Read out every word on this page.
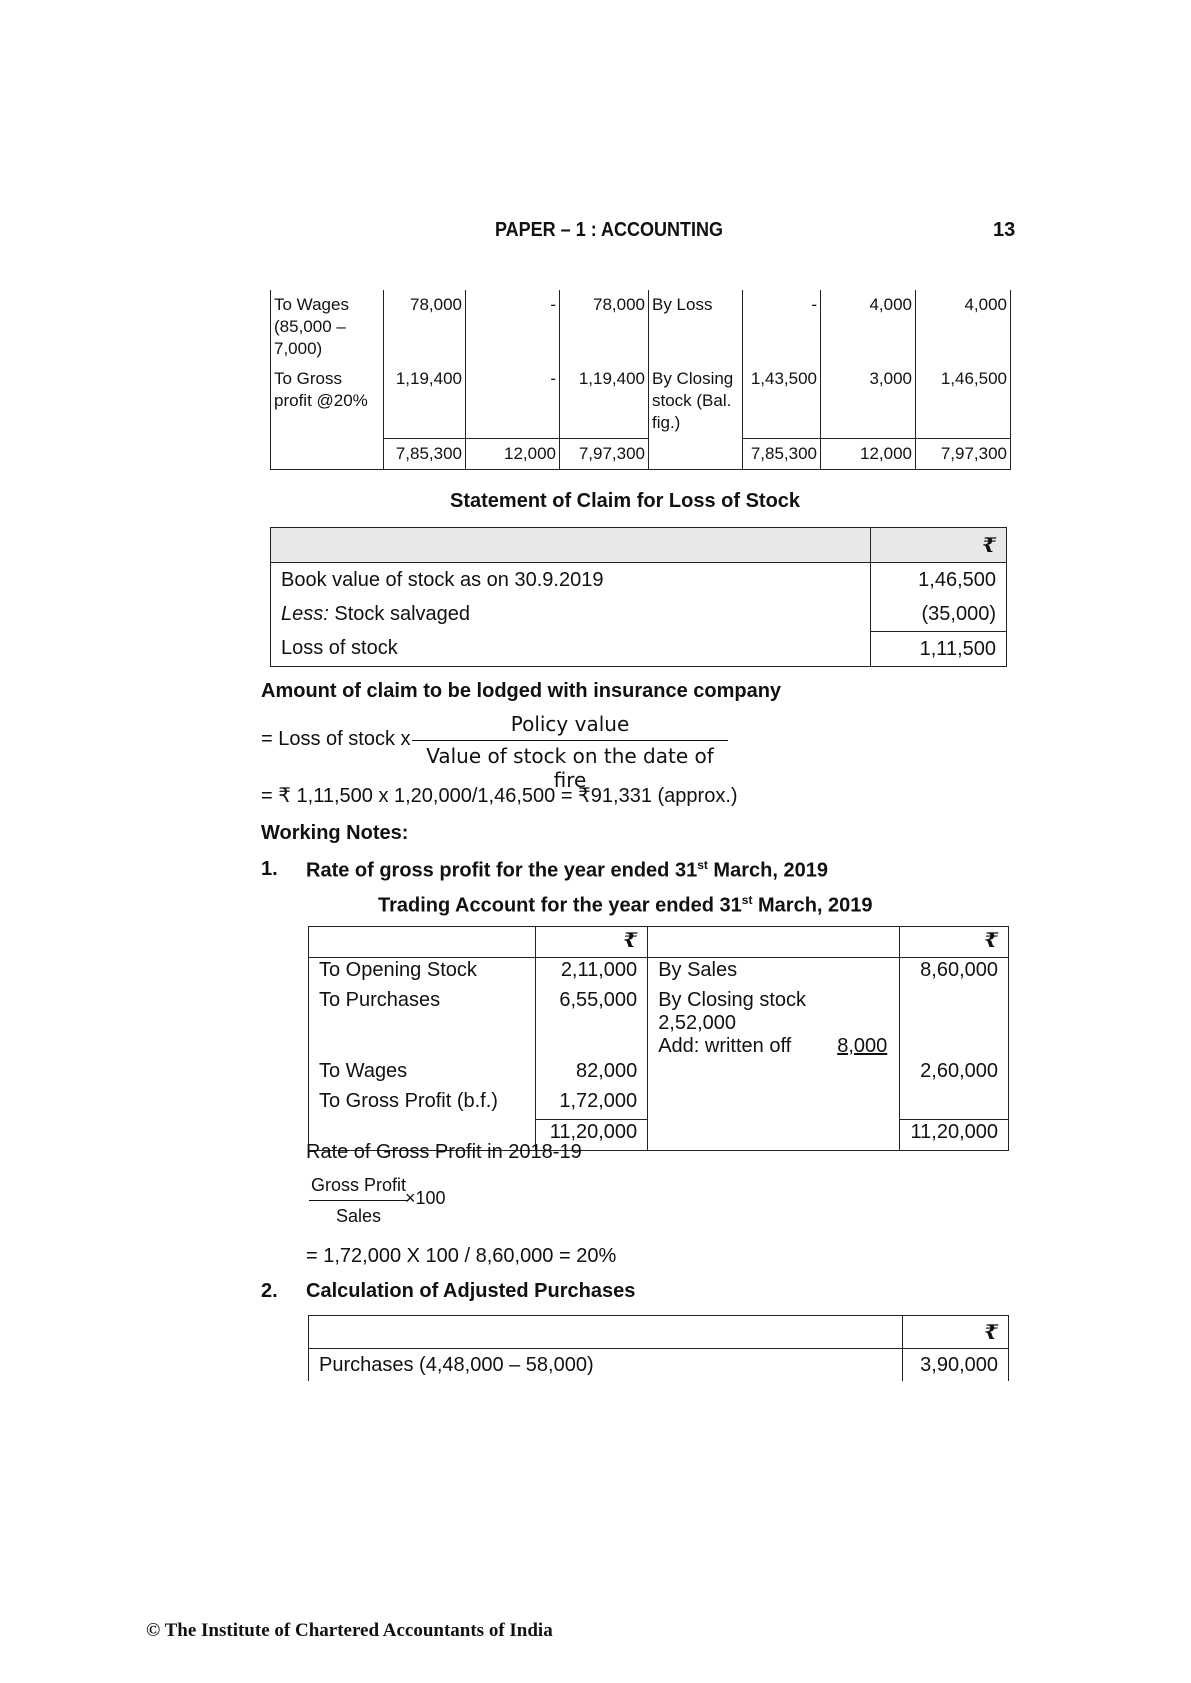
PAPER – 1 : ACCOUNTING	13
To Wages (85,000 – 7,000)	78,000	-	78,000	By Loss	-	4,000	4,000
To Gross profit @20%	1,19,400	-	1,19,400	By Closing stock (Bal. fig.)	1,43,500	3,000	1,46,500
	7,85,300	12,000	7,97,300		7,85,300	12,000	7,97,300
Statement of Claim for Loss of Stock
	₹
Book value of stock as on 30.9.2019	1,46,500
Less: Stock salvaged	(35,000)
Loss of stock	1,11,500
Amount of claim to be lodged with insurance company
= Loss of stock x
Policy value
Value of stock on the date of fire
= ₹ 1,11,500 x 1,20,000/1,46,500 = ₹91,331 (approx.)
Working Notes:
1. Rate of gross profit for the year ended 31st March, 2019
Trading Account for the year ended 31st March, 2019
	₹		₹
To Opening Stock	2,11,000	By Sales	8,60,000
To Purchases	6,55,000	By Closing stock 2,52,000
Add: written off 8,000	

To Wages	82,000		2,60,000
To Gross Profit (b.f.)	1,72,000		
	11,20,000		11,20,000
Rate of Gross Profit in 2018-19
Gross Profit
Sales
×100
= 1,72,000 X 100 / 8,60,000 = 20%
2. Calculation of Adjusted Purchases
	₹
Purchases (4,48,000 – 58,000)	3,90,000
© The Institute of Chartered Accountants of India
